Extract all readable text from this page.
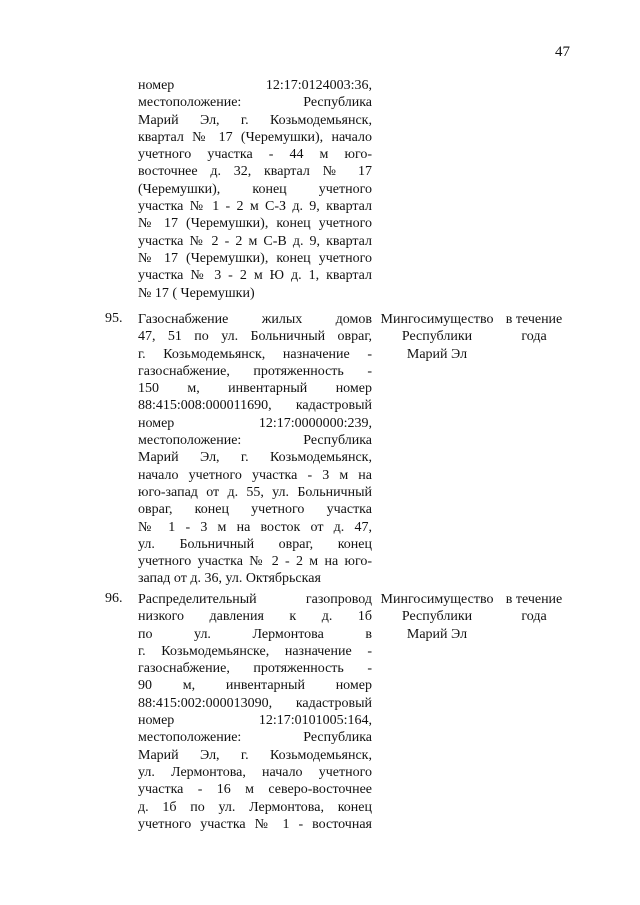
47
номер 12:17:0124003:36,
местоположение: Республика
Марий Эл, г. Козьмодемьянск,
квартал № 17 (Черемушки), начало
учетного участка - 44 м юго-
восточнее д. 32, квартал № 17
(Черемушки), конец учетного
участка № 1 - 2 м С-З д. 9, квартал
№ 17 (Черемушки), конец учетного
участка № 2 - 2 м С-В д. 9, квартал
№ 17 (Черемушки), конец учетного
участка № 3 - 2 м Ю д. 1, квартал
№ 17 ( Черемушки)
95. Газоснабжение жилых домов
47, 51 по ул. Больничный овраг,
г. Козьмодемьянск, назначение -
газоснабжение, протяженность -
150 м, инвентарный номер
88:415:008:000011690, кадастровый
номер 12:17:0000000:239,
местоположение: Республика
Марий Эл, г. Козьмодемьянск,
начало учетного участка - 3 м на
юго-запад от д. 55, ул. Больничный
овраг, конец учетного участка
№ 1 - 3 м на восток от д. 47,
ул. Больничный овраг, конец
учетного участка № 2 - 2 м на юго-
запад от д. 36, ул. Октябрьская
Мингосимущество
Республики
Марий Эл
в течение
года
96. Распределительный газопровод
низкого давления к д. 1б
по ул. Лермонтова в
г. Козьмодемьянске, назначение -
газоснабжение, протяженность -
90 м, инвентарный номер
88:415:002:000013090, кадастровый
номер 12:17:0101005:164,
местоположение: Республика
Марий Эл, г. Козьмодемьянск,
ул. Лермонтова, начало учетного
участка - 16 м северо-восточнее
д. 1б по ул. Лермонтова, конец
учетного участка № 1 - восточная
Мингосимущество
Республики
Марий Эл
в течение
года
